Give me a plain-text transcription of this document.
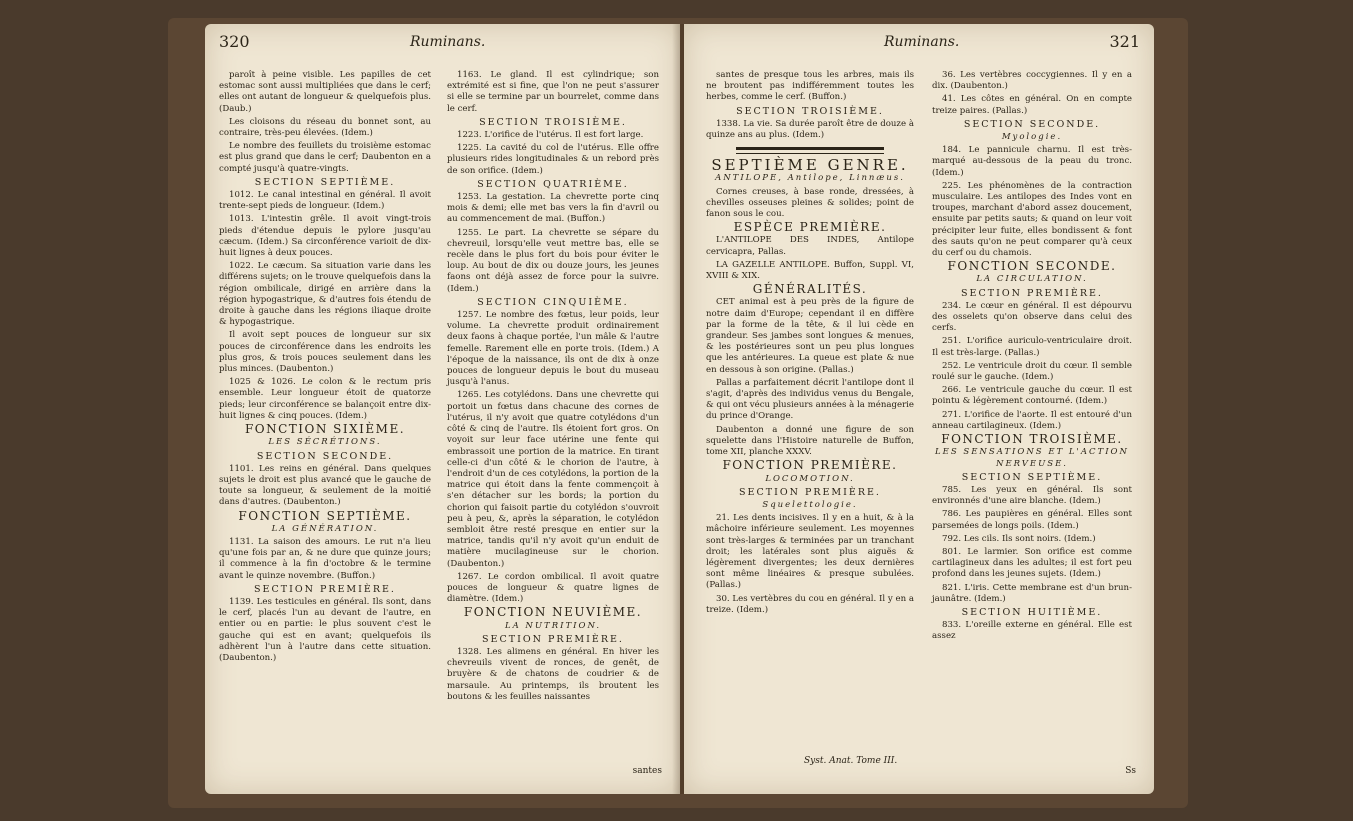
320	Ruminans.

paroît à peine visible. Les papilles de cet estomac sont aussi multipliées que dans le cerf; elles ont autant de longueur & quelquefois plus. (Daub.)

Les cloisons du réseau du bonnet sont, au contraire, très-peu élevées. (Idem.)

Le nombre des feuillets du troisième estomac est plus grand que dans le cerf; Daubenton en a compté jusqu'à quatre-vingts.

SECTION SEPTIÈME.

1012. Le canal intestinal en général. Il avoit trente-sept pieds de longueur. (Idem.)

1013. L'intestin grêle. Il avoit vingt-trois pieds d'étendue depuis le pylore jusqu'au cæcum. (Idem.) Sa circonférence varioit de dix-huit lignes à deux pouces.

1022. Le cæcum. Sa situation varie dans les différens sujets; on le trouve quelquefois dans la région ombilicale, dirigé en arrière dans la région hypogastrique, & d'autres fois étendu de droite à gauche dans les régions iliaque droite & hypogastrique.

Il avoit sept pouces de longueur sur six pouces de circonférence dans les endroits les plus gros, & trois pouces seulement dans les plus minces. (Daubenton.)

1025 & 1026. Le colon & le rectum pris ensemble. Leur longueur étoit de quatorze pieds; leur circonférence se balançoit entre dix-huit lignes & cinq pouces. (Idem.)

FONCTION SIXIÈME.

LES SÉCRÉTIONS.

SECTION SECONDE.

1101. Les reins en général. Dans quelques sujets le droit est plus avancé que le gauche de toute sa longueur, & seulement de la moitié dans d'autres. (Daubenton.)

FONCTION SEPTIÈME.

LA GÉNÉRATION.

1131. La saison des amours. Le rut n'a lieu qu'une fois par an, & ne dure que quinze jours; il commence à la fin d'octobre & le termine avant le quinze novembre. (Buffon.)

SECTION PREMIÈRE.

1139. Les testicules en général. Ils sont, dans le cerf, placés l'un au devant de l'autre, en entier ou en partie: le plus souvent c'est le gauche qui est en avant; quelquefois ils adhèrent l'un à l'autre dans cette situation. (Daubenton.)

1163. Le gland. Il est cylindrique; son extrémité est si fine, que l'on ne peut s'assurer si elle se termine par un bourrelet, comme dans le cerf.

SECTION TROISIÈME.

1223. L'orifice de l'utérus. Il est fort large.

1225. La cavité du col de l'utérus. Elle offre plusieurs rides longitudinales & un rebord près de son orifice. (Idem.)

SECTION QUATRIÈME.

1253. La gestation. La chevrette porte cinq mois & demi; elle met bas vers la fin d'avril ou au commencement de mai. (Buffon.)

1255. Le part. La chevrette se sépare du chevreuil, lorsqu'elle veut mettre bas, elle se recèle dans le plus fort du bois pour éviter le loup. Au bout de dix ou douze jours, les jeunes faons ont déjà assez de force pour la suivre. (Idem.)

SECTION CINQUIÈME.

1257. Le nombre des fœtus, leur poids, leur volume. La chevrette produit ordinairement deux faons à chaque portée, l'un mâle & l'autre femelle. Rarement elle en porte trois. (Idem.) A l'époque de la naissance, ils ont de dix à onze pouces de longueur depuis le bout du museau jusqu'à l'anus.

1265. Les cotylédons. Dans une chevrette qui portoit un fœtus dans chacune des cornes de l'utérus, il n'y avoit que quatre cotylédons d'un côté & cinq de l'autre. Ils étoient fort gros. On voyoit sur leur face utérine une fente qui embrassoit une portion de la matrice. En tirant celle-ci d'un côté & le chorion de l'autre, à l'endroit d'un de ces cotylédons, la portion de la matrice qui étoit dans la fente commençoit à s'en détacher sur les bords; la portion du chorion qui faisoit partie du cotylédon s'ouvroit peu à peu, &, après la séparation, le cotylédon sembloit être resté presque en entier sur la matrice, tandis qu'il n'y avoit qu'un enduit de matière mucilagineuse sur le chorion. (Daubenton.)

1267. Le cordon ombilical. Il avoit quatre pouces de longueur & quatre lignes de diamètre. (Idem.)

FONCTION NEUVIÈME.

LA NUTRITION.

SECTION PREMIÈRE.

1328. Les alimens en général. En hiver les chevreuils vivent de ronces, de genêt, de bruyère & de chatons de coudrier & de marsaule. Au printemps, ils broutent les boutons & les feuilles naissantes

santes
Ruminans.	321

santes de presque tous les arbres, mais ils ne broutent pas indifféremment toutes les herbes, comme le cerf. (Buffon.)

SECTION TROISIÈME.

1338. La vie. Sa durée paroît être de douze à quinze ans au plus. (Idem.)

SEPTIÈME GENRE.

ANTILOPE, Antilope, Linnæus.

Cornes creuses, à base ronde, dressées, à chevilles osseuses pleines & solides; point de fanon sous le cou.

ESPÈCE PREMIÈRE.

L'ANTILOPE DES INDES, Antilope cervicapra, Pallas.

LA GAZELLE ANTILOPE. Buffon, Suppl. VI, XVIII & XIX.

GÉNÉRALITÉS.

CET animal est à peu près de la figure de notre daim d'Europe; cependant il en diffère par la forme de la tête, & il lui cède en grandeur. Ses jambes sont longues & menues, & les postérieures sont un peu plus longues que les antérieures. La queue est plate & nue en dessous à son origine. (Pallas.)

Pallas a parfaitement décrit l'antilope dont il s'agit, d'après des individus venus du Bengale, & qui ont vécu plusieurs années à la ménagerie du prince d'Orange.

Daubenton a donné une figure de son squelette dans l'Histoire naturelle de Buffon, tome XII, planche XXXV.

FONCTION PREMIÈRE.

LOCOMOTION.

SECTION PREMIÈRE.

Squelettologie.

21. Les dents incisives. Il y en a huit, & à la mâchoire inférieure seulement. Les moyennes sont très-larges & terminées par un tranchant droit; les latérales sont plus aiguës & légèrement divergentes; les deux dernières sont même linéaires & presque subulées. (Pallas.)

30. Les vertèbres du cou en général. Il y en a treize. (Idem.)

36. Les vertèbres coccygiennes. Il y en a dix. (Daubenton.)

41. Les côtes en général. On en compte treize paires. (Pallas.)

SECTION SECONDE.

Myologie.

184. Le pannicule charnu. Il est très-marqué au-dessous de la peau du tronc. (Idem.)

225. Les phénomènes de la contraction musculaire. Les antilopes des Indes vont en troupes, marchant d'abord assez doucement, ensuite par petits sauts; & quand on leur voit précipiter leur fuite, elles bondissent & font des sauts qu'on ne peut comparer qu'à ceux du cerf ou du chamois.

FONCTION SECONDE.

LA CIRCULATION.

SECTION PREMIÈRE.

234. Le cœur en général. Il est dépourvu des osselets qu'on observe dans celui des cerfs.

251. L'orifice auriculo-ventriculaire droit. Il est très-large. (Pallas.)

252. Le ventricule droit du cœur. Il semble roulé sur le gauche. (Idem.)

266. Le ventricule gauche du cœur. Il est pointu & légèrement contourné. (Idem.)

271. L'orifice de l'aorte. Il est entouré d'un anneau cartilagineux. (Idem.)

FONCTION TROISIÈME.

LES SENSATIONS ET L'ACTION NERVEUSE.

SECTION SEPTIÈME.

785. Les yeux en général. Ils sont environnés d'une aire blanche. (Idem.)

786. Les paupières en général. Elles sont parsemées de longs poils. (Idem.)

792. Les cils. Ils sont noirs. (Idem.)

801. Le larmier. Son orifice est comme cartilagineux dans les adultes; il est fort peu profond dans les jeunes sujets. (Idem.)

821. L'iris. Cette membrane est d'un brun-jaunâtre. (Idem.)

SECTION HUITIÈME.

833. L'oreille externe en général. Elle est assez

Syst. Anat. Tome III.
Ss
